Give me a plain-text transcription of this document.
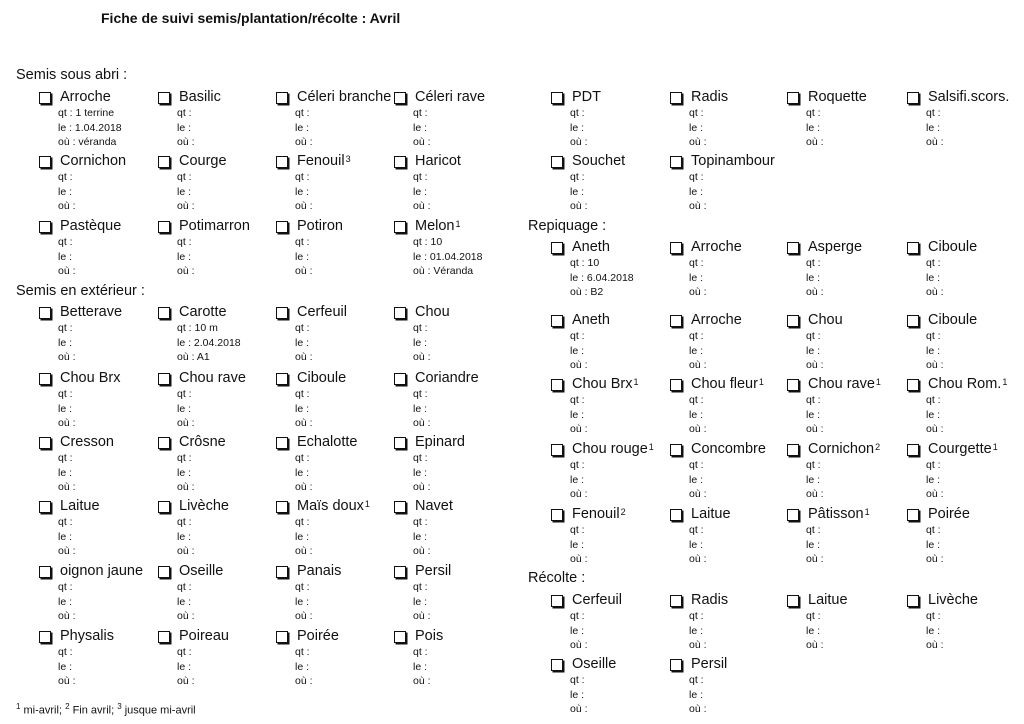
Fiche de suivi semis/plantation/récolte : Avril
Semis sous abri :
Arroche
qt : 1 terrine
le : 1.04.2018
où : véranda
Basilic
qt :
le :
où :
Céleri branche
qt :
le :
où :
Céleri rave
qt :
le :
où :
Cornichon
qt :
le :
où :
Courge
qt :
le :
où :
Fenouil$^3$
qt :
le :
où :
Haricot
qt :
le :
où :
Pastèque
qt :
le :
où :
Potimarron
qt :
le :
où :
Potiron
qt :
le :
où :
Melon$^1$
qt : 10
le : 01.04.2018
où : Véranda
PDT
qt :
le :
où :
Radis
qt :
le :
où :
Roquette
qt :
le :
où :
Salsifi.scors.
qt :
le :
où :
Souchet
qt :
le :
où :
Topinambour
qt :
le :
où :
Semis en extérieur :
Betterave
qt :
le :
où :
Carotte
qt : 10 m
le : 2.04.2018
où : A1
Cerfeuil
qt :
le :
où :
Chou
qt :
le :
où :
Chou Brx
qt :
le :
où :
Chou rave
qt :
le :
où :
Ciboule
qt :
le :
où :
Coriandre
qt :
le :
où :
Cresson
qt :
le :
où :
Crôsne
qt :
le :
où :
Echalotte
qt :
le :
où :
Epinard
qt :
le :
où :
Laitue
qt :
le :
où :
Livèche
qt :
le :
où :
Maïs doux$^1$
qt :
le :
où :
Navet
qt :
le :
où :
oignon jaune
qt :
le :
où :
Oseille
qt :
le :
où :
Panais
qt :
le :
où :
Persil
qt :
le :
où :
Physalis
qt :
le :
où :
Poireau
qt :
le :
où :
Poirée
qt :
le :
où :
Pois
qt :
le :
où :
Repiquage :
Aneth
qt : 10
le : 6.04.2018
où : B2
Arroche
qt :
le :
où :
Asperge
qt :
le :
où :
Ciboule
qt :
le :
où :
Aneth
qt :
le :
où :
Arroche
qt :
le :
où :
Chou
qt :
le :
où :
Ciboule
qt :
le :
où :
Chou Brx$^1$
qt :
le :
où :
Chou fleur$^1$
qt :
le :
où :
Chou rave$^1$
qt :
le :
où :
Chou Rom.$^1$
qt :
le :
où :
Chou rouge$^1$
qt :
le :
où :
Concombre
qt :
le :
où :
Cornichon$^2$
qt :
le :
où :
Courgette$^1$
qt :
le :
où :
Fenouil$^2$
qt :
le :
où :
Laitue
qt :
le :
où :
Pâtisson$^1$
qt :
le :
où :
Poirée
qt :
le :
où :
Récolte :
Cerfeuil
qt :
le :
où :
Radis
qt :
le :
où :
Laitue
qt :
le :
où :
Livèche
qt :
le :
où :
Oseille
qt :
le :
où :
Persil
qt :
le :
où :
$^1$ mi-avril; $^2$ Fin avril; $^3$ jusque mi-avril
